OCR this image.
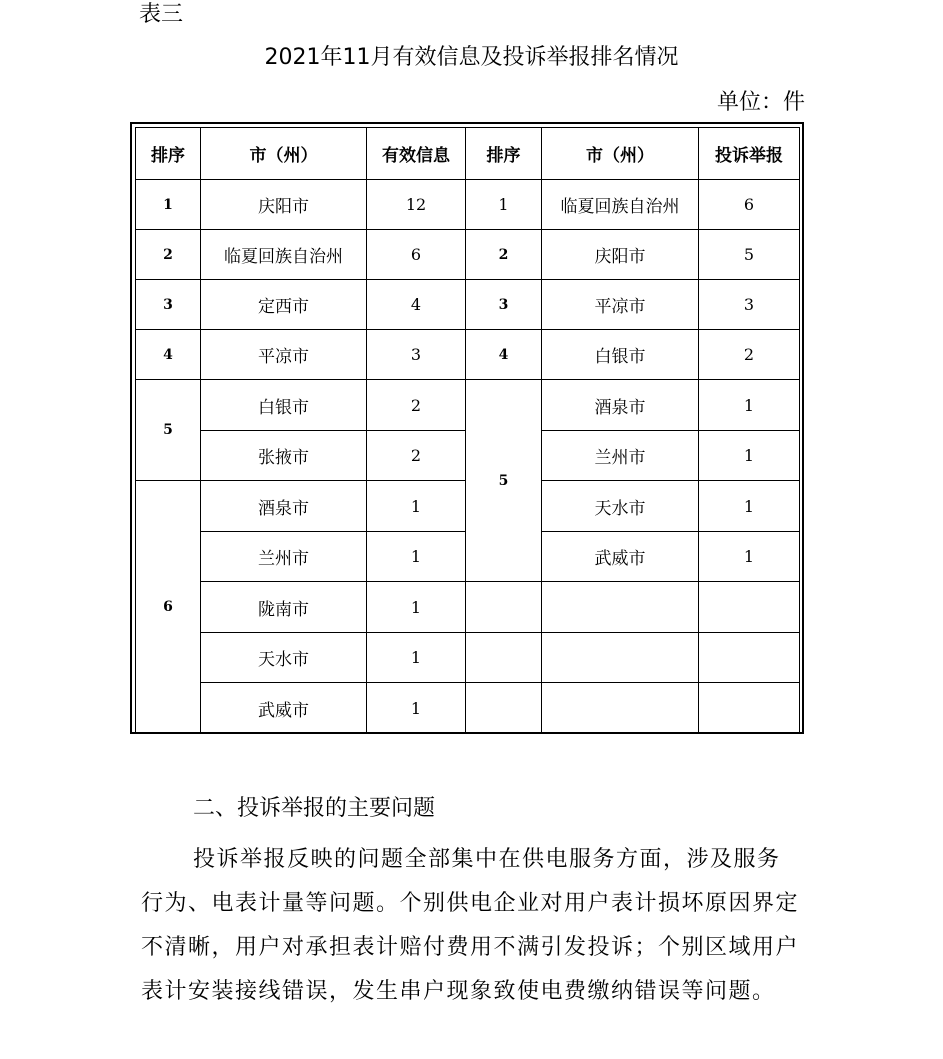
表三
2021年11月有效信息及投诉举报排名情况
单位：件
排序	市（州）	有效信息	排序	市（州）	投诉举报
1	庆阳市	12	1	临夏回族自治州	6
2	临夏回族自治州	6	2	庆阳市	5
3	定西市	4	3	平凉市	3
4	平凉市	3	4	白银市	2
5	白银市	2	5	酒泉市	1
	张掖市	2		兰州市	1
6	酒泉市	1		天水市	1
	兰州市	1		武威市	1
	陇南市	1			
	天水市	1			
	武威市	1			
二、投诉举报的主要问题
投诉举报反映的问题全部集中在供电服务方面，涉及服务行为、电表计量等问题。个别供电企业对用户表计损坏原因界定不清晰，用户对承担表计赔付费用不满引发投诉；个别区域用户表计安装接线错误，发生串户现象致使电费缴纳错误等问题。
